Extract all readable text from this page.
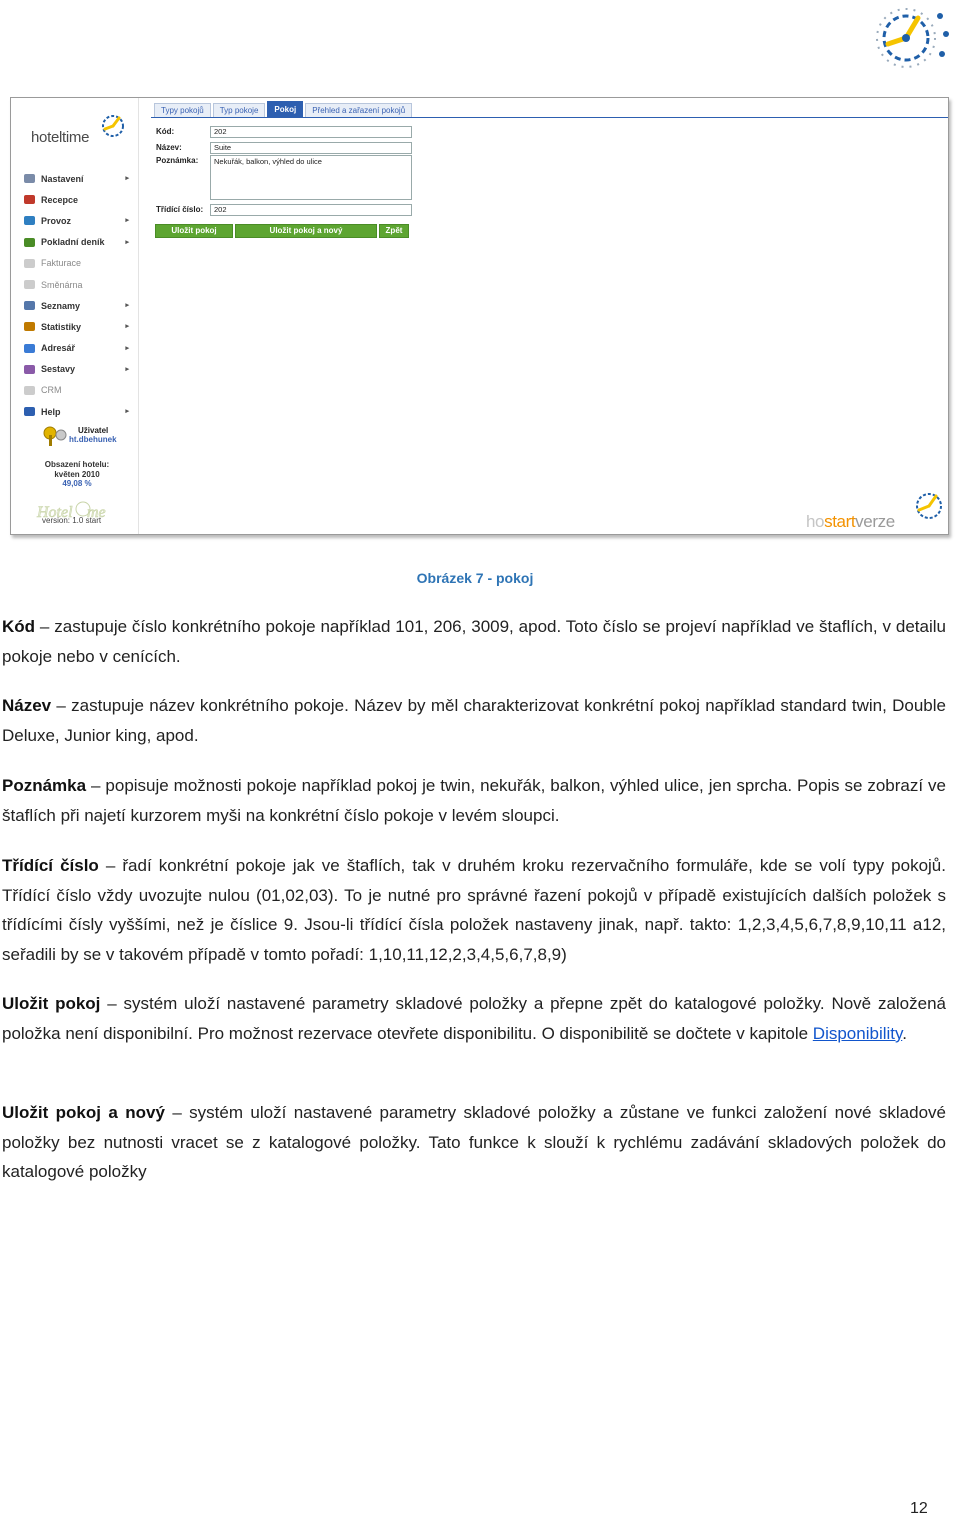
hoteltime
Nastavení	▸
Recepce
Provoz	▸
Pokladní deník	▸
Fakturace
Směnárna
Seznamy	▸
Statistiky	▸
Adresář	▸
Sestavy	▸
CRM
Help	▸
Uživatel
ht.dbehunek
Obsazení hotelu:
květen 2010
49,08 %
Hotel me
version: 1.0 start
Typy pokojů	Typ pokoje	Pokoj	Přehled a zařazení pokojů
Kód:	202
Název:	Suite
Poznámka:	Nekuřák, balkon, výhled do ulice
Třídící číslo:	202
Uložit pokoj	Uložit pokoj a nový	Zpět
hostartverze
Obrázek 7 - pokoj
Kód – zastupuje číslo konkrétního pokoje například 101, 206, 3009, apod. Toto číslo se projeví například ve štaflích, v detailu pokoje nebo v cenících.
Název – zastupuje název konkrétního pokoje. Název by měl charakterizovat konkrétní pokoj například standard twin, Double Deluxe, Junior king, apod.
Poznámka – popisuje možnosti pokoje například pokoj je twin, nekuřák, balkon, výhled ulice, jen sprcha. Popis se zobrazí ve štaflích při najetí kurzorem myši na konkrétní číslo pokoje v levém sloupci.
Třídící číslo – řadí konkrétní pokoje jak ve štaflích, tak v druhém kroku rezervačního formuláře, kde se volí typy pokojů. Třídící číslo vždy uvozujte nulou (01,02,03). To je nutné pro správné řazení pokojů v případě existujících dalších položek s třídícími čísly vyššími, než je číslice 9. Jsou-li třídící čísla položek nastaveny jinak, např. takto: 1,2,3,4,5,6,7,8,9,10,11 a12, seřadili by se v takovém případě v tomto pořadí: 1,10,11,12,2,3,4,5,6,7,8,9)
Uložit pokoj – systém uloží nastavené parametry skladové položky a přepne zpět do katalogové položky. Nově založená položka není disponibilní. Pro možnost rezervace otevřete disponibilitu. O disponibilitě se dočtete v kapitole Disponibility.
Uložit pokoj a nový – systém uloží nastavené parametry skladové položky a zůstane ve funkci založení nové skladové položky bez nutnosti vracet se z katalogové položky. Tato funkce k slouží k rychlému zadávání skladových položek do katalogové položky
12
